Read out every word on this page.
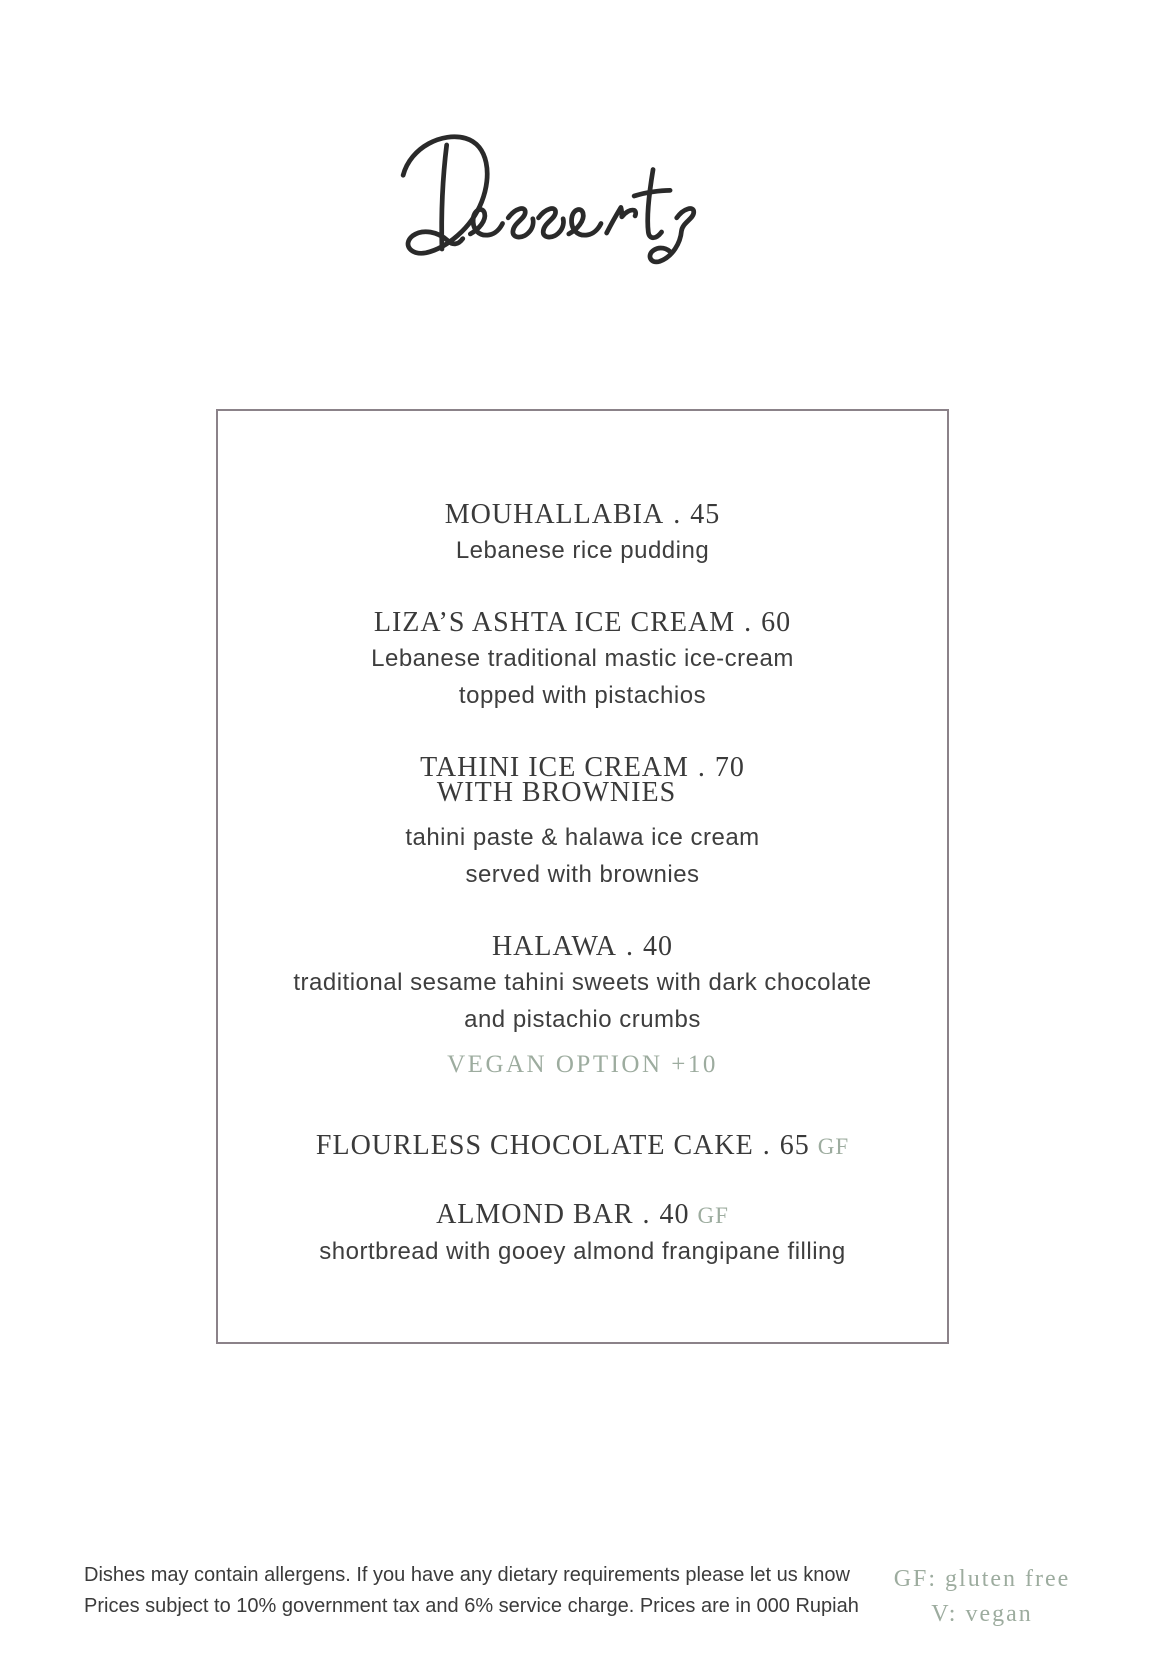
MOUHALLABIA . 45

Lebanese rice pudding

LIZA’S ASHTA ICE CREAM . 60

Lebanese traditional mastic ice-cream

topped with pistachios

TAHINI ICE CREAM . 70
WITH BROWNIES

tahini paste & halawa ice cream

served with brownies

HALAWA . 40

traditional sesame tahini sweets with dark chocolate

and pistachio crumbs

VEGAN OPTION +10

FLOURLESS CHOCOLATE CAKE . 65 GF
ALMOND BAR . 40 GF

shortbread with gooey almond frangipane filling

Dishes may contain allergens. If you have any dietary requirements please let us know

Prices subject to 10% government tax and 6% service charge. Prices are in 000 Rupiah

GF: gluten free

V: vegan
